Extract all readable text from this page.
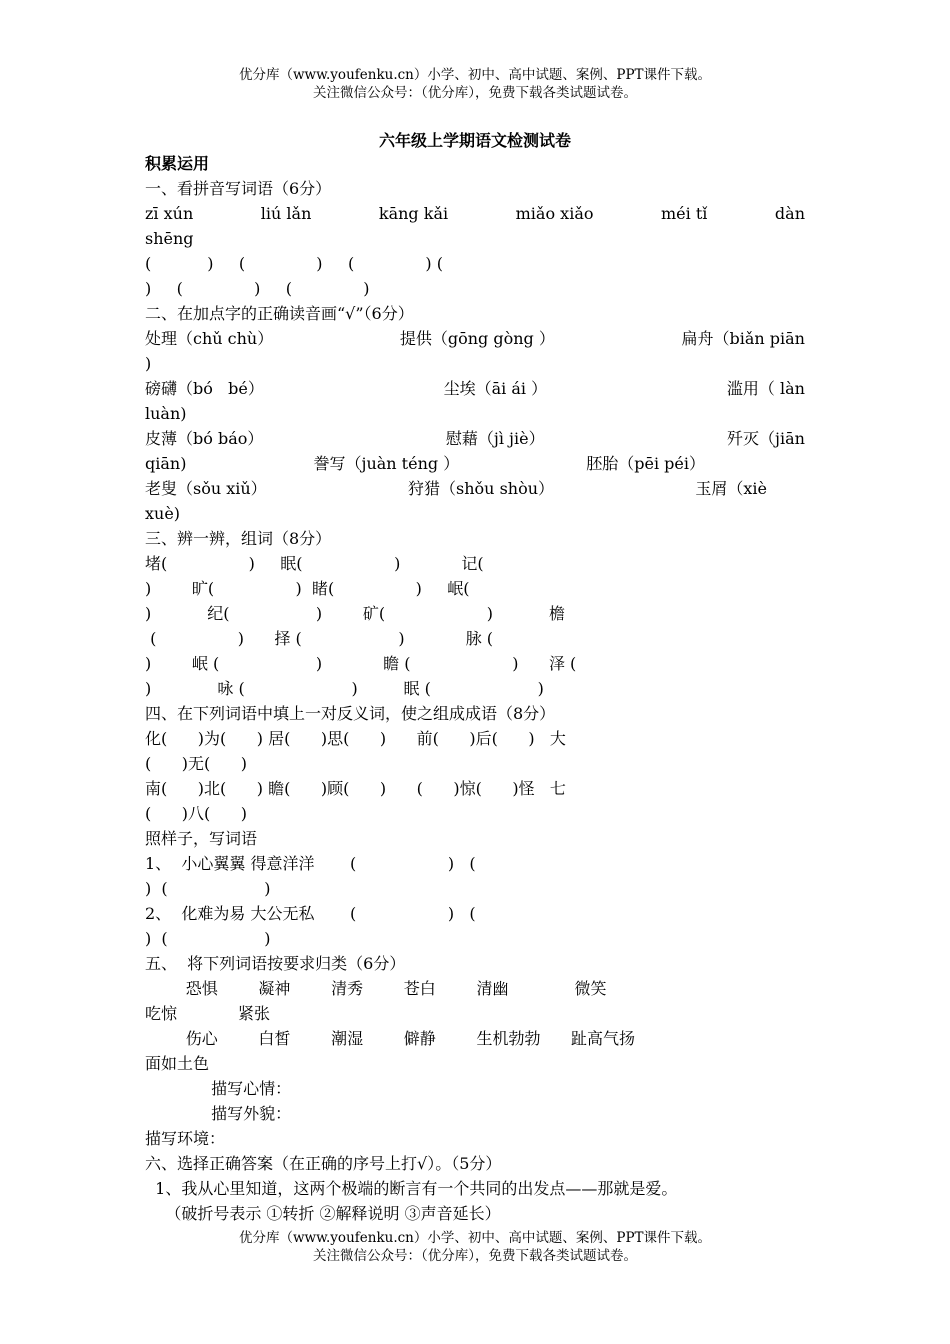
优分库（www.youfenku.cn）小学、初中、高中试题、案例、PPT课件下载。
关注微信公众号：（优分库），免费下载各类试题试卷。
六年级上学期语文检测试卷
积累运用
一、看拼音写词语（6分）
zī xún	liú lǎn	kāng kǎi	miǎo xiǎo	méi tǐ	dàn
shēng
(           )     (              )     (              ) (
)     (              )     (              )
二、在加点字的正确读音画“√”（6分）
处理（chǔ chù）	提供（gōng gòng ）	扁舟（biǎn piān
)
磅礴（bó   bé）	尘埃（āi ái ）	滥用（ làn
luàn)
皮薄（bó báo）	慰藉（jì jiè）	歼灭（jiān
qiān)	誊写（juàn téng ）	胚胎（pēi péi）
老叟（sǒu xiǔ）	狩猎（shǒu shòu）	玉屑（xiè
xuè)
三、辨一辨，组词（8分）
堵(                )     眠(                  )            记(
)        旷(                )  睹(                )     岷(
)           纪(                 )        矿(                    )           檐
(                )      择 (                   )            脉 (
)        岷 (                   )            瞻 (                    )      泽 (
)             咏 (                     )         眠 (                     )
四、在下列词语中填上一对反义词，使之组成成语（8分）
化(      )为(      ) 居(      )思(      )      前(      )后(      )   大
(      )无(      )
南(      )北(      ) 瞻(      )顾(      )      (      )惊(      )怪   七
(      )八(      )
照样子，写词语
1、  小心翼翼 得意洋洋       (                  )   (
)  (                   )
2、  化难为易 大公无私       (                  )   (
)  (                   )
五、  将下列词语按要求归类（6分）
恐惧        凝神        清秀        苍白        清幽             微笑
吃惊            紧张
伤心        白皙        潮湿        僻静        生机勃勃      趾高气扬
面如土色
描写心情：
描写外貌：
描写环境：
六、选择正确答案（在正确的序号上打√）。（5分）
1、我从心里知道，这两个极端的断言有一个共同的出发点——那就是爱。
（破折号表示 ①转折 ②解释说明 ③声音延长）
优分库（www.youfenku.cn）小学、初中、高中试题、案例、PPT课件下载。
关注微信公众号：（优分库），免费下载各类试题试卷。
